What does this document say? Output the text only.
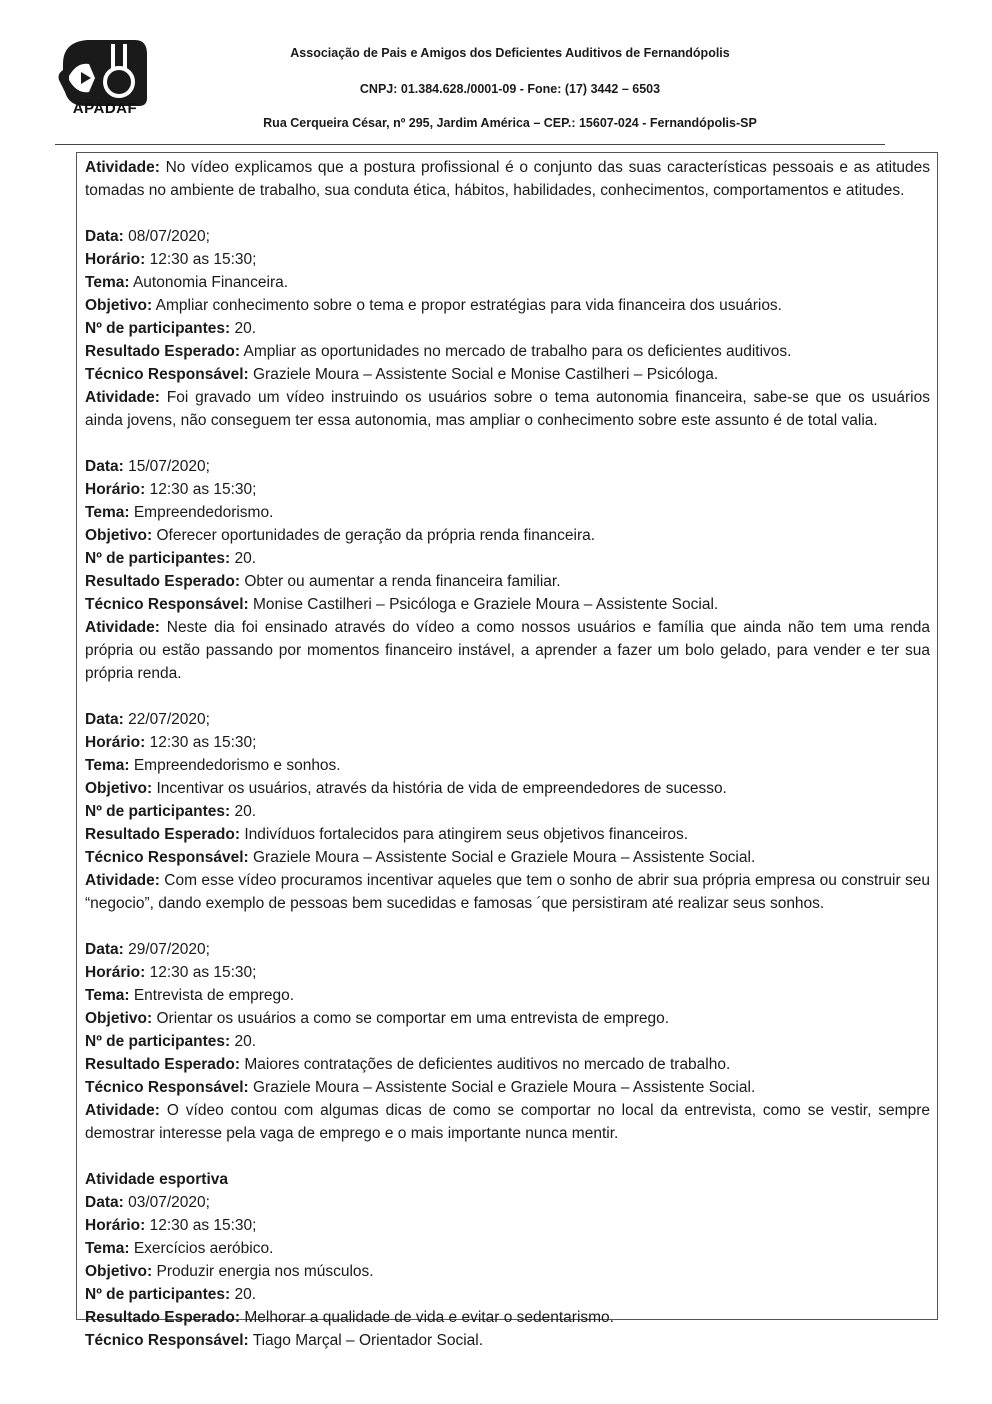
APADAF
Associação de Pais e Amigos dos Deficientes Auditivos de Fernandópolis
CNPJ: 01.384.628./0001-09 - Fone: (17) 3442 – 6503
Rua Cerqueira César, nº 295, Jardim América – CEP.: 15607-024 - Fernandópolis-SP

Atividade: No vídeo explicamos que a postura profissional é o conjunto das suas características pessoais e as atitudes tomadas no ambiente de trabalho, sua conduta ética, hábitos, habilidades, conhecimentos, comportamentos e atitudes.

Data: 08/07/2020;

Horário: 12:30 as 15:30;

Tema: Autonomia Financeira.

Objetivo: Ampliar conhecimento sobre o tema e propor estratégias para vida financeira dos usuários.

Nº de participantes: 20.

Resultado Esperado: Ampliar as oportunidades no mercado de trabalho para os deficientes auditivos.

Técnico Responsável: Graziele Moura – Assistente Social e Monise Castilheri – Psicóloga.

Atividade: Foi gravado um vídeo instruindo os usuários sobre o tema autonomia financeira, sabe-se que os usuários ainda jovens, não conseguem ter essa autonomia, mas ampliar o conhecimento sobre este assunto é de total valia.

Data: 15/07/2020;

Horário: 12:30 as 15:30;

Tema: Empreendedorismo.

Objetivo: Oferecer oportunidades de geração da própria renda financeira.

Nº de participantes: 20.

Resultado Esperado: Obter ou aumentar a renda financeira familiar.

Técnico Responsável: Monise Castilheri – Psicóloga e Graziele Moura – Assistente Social.

Atividade: Neste dia foi ensinado através do vídeo a como nossos usuários e família que ainda não tem uma renda própria ou estão passando por momentos financeiro instável, a aprender a fazer um bolo gelado, para vender e ter sua própria renda.

Data: 22/07/2020;

Horário: 12:30 as 15:30;

Tema: Empreendedorismo e sonhos.

Objetivo: Incentivar os usuários, através da história de vida de empreendedores de sucesso.

Nº de participantes: 20.

Resultado Esperado: Indivíduos fortalecidos para atingirem seus objetivos financeiros.

Técnico Responsável: Graziele Moura – Assistente Social e Graziele Moura – Assistente Social.

Atividade: Com esse vídeo procuramos incentivar aqueles que tem o sonho de abrir sua própria empresa ou construir seu “negocio”, dando exemplo de pessoas bem sucedidas e famosas ´que persistiram até realizar seus sonhos.

Data: 29/07/2020;

Horário: 12:30 as 15:30;

Tema: Entrevista de emprego.

Objetivo: Orientar os usuários a como se comportar em uma entrevista de emprego.

Nº de participantes: 20.

Resultado Esperado: Maiores contratações de deficientes auditivos no mercado de trabalho.

Técnico Responsável: Graziele Moura – Assistente Social e Graziele Moura – Assistente Social.

Atividade: O vídeo contou com algumas dicas de como se comportar no local da entrevista, como se vestir, sempre demostrar interesse pela vaga de emprego e o mais importante nunca mentir.

Atividade esportiva

Data: 03/07/2020;

Horário: 12:30 as 15:30;

Tema: Exercícios aeróbico.

Objetivo: Produzir energia nos músculos.

Nº de participantes: 20.

Resultado Esperado: Melhorar a qualidade de vida e evitar o sedentarismo.

Técnico Responsável: Tiago Marçal – Orientador Social.
